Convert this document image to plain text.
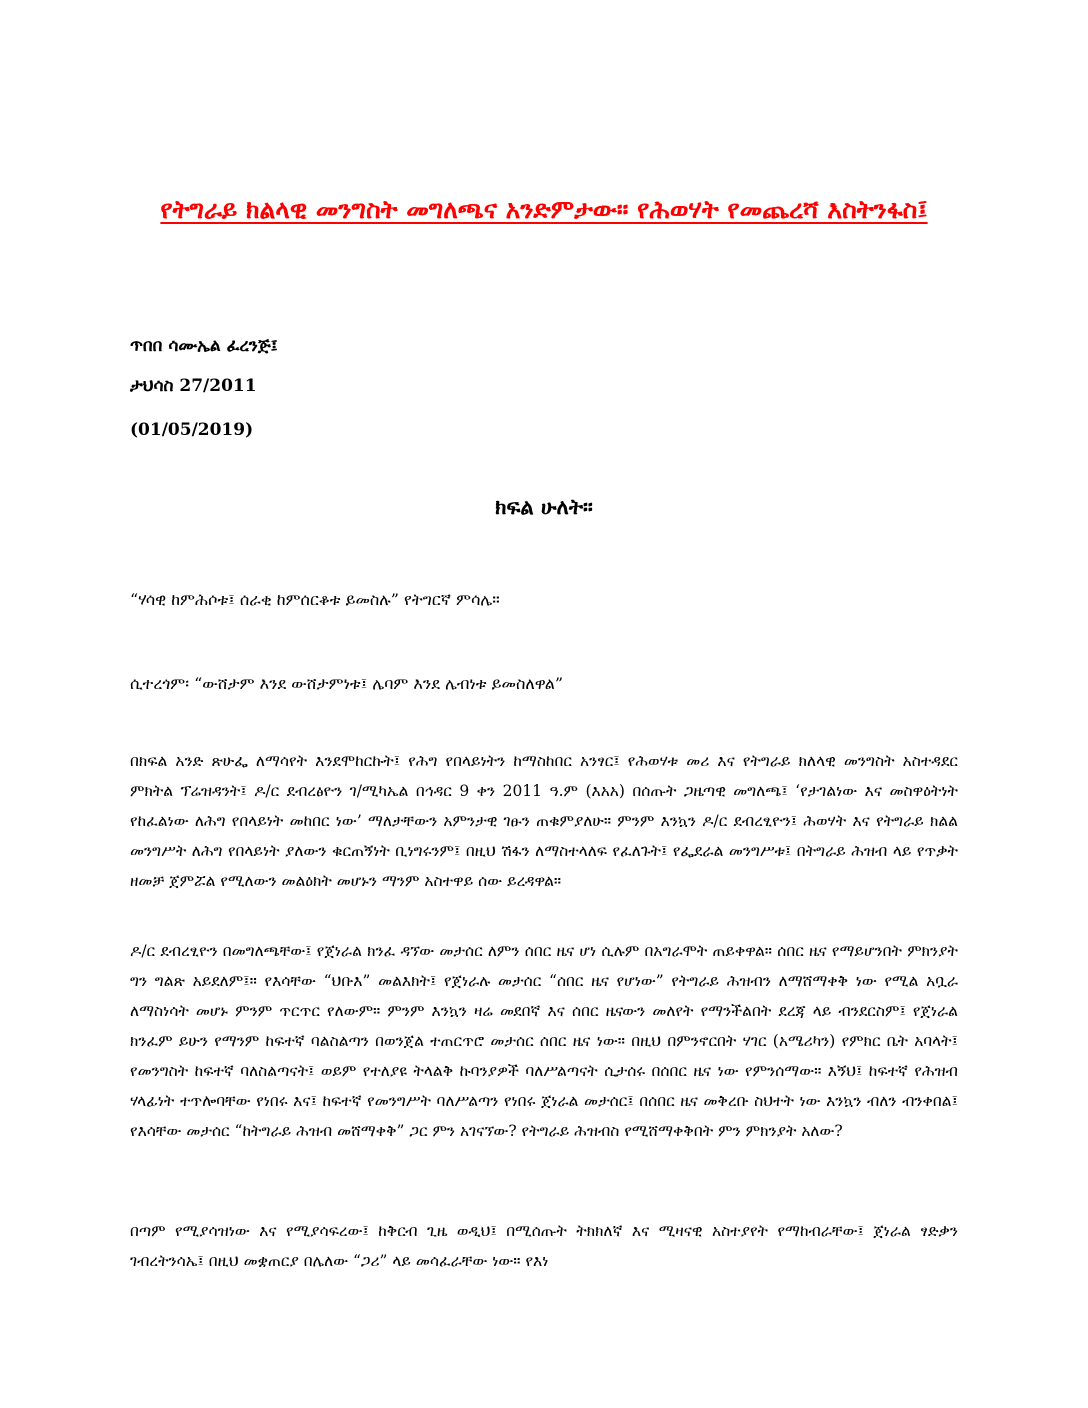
የትግራይ ክልላዊ መንግስት መግለጫና አንድምታው። የሕወሃት የመጨረሻ እስትንፋስ፤

ጥበበ ሳሙኤል ፈረንጅ፤

ታህሳስ 27/2011

(01/05/2019)

ክፍል ሁለት።

“ሃሳዊ ከምሕሶቱ፤ ሰራቂ ከምሰርቆቱ ይመስሉ” የትግርኛ ምሳሌ።

ሲተረጎም፡ “ውሸታም እንደ ውሸታምነቱ፤ ሌባም እንደ ሌብነቱ ይመስለዋል”

በክፍል አንድ ጽሁፌ ለማሳየት እንደሞከርኩት፤ የሕግ የበላይነትን ከማስከበር አንፃር፤ የሕወሃቱ መሪ እና የትግራይ ክለላዊ መንግስት አስተዳደር ምክትል ፕሬዝዳንት፤ ዶ/ር ደብረፅዮን ገ/ሚካኤል በኅዳር 9 ቀን 2011 ዓ.ም (እአአ) በሰጡት ጋዜጣዊ መግለጫ፤ ‘የታገልነው እና መስዋዕትነት የከፈልነው ለሕግ የበላይነት መከበር ነው’ ማለታቸውን አምንታዊ ገፁን ጠቁምያለሁ። ምንም እንኳን ዶ/ር ደብረፂዮን፤ ሕወሃት እና የትግራይ ክልል መንግሥት ለሕግ የበላይነት ያለውን ቁርጠኝነት ቢነግሩንም፤ በዚህ ሽፋን ለማስተላለፍ የፈለጉት፤ የፌደራል መንግሥቱ፤ በትግራይ ሕዝብ ላይ የጥቃት ዘመቻ ጀምሯል የሚለውን መልዕክት መሆኑን ማንም አስተዋይ ሰው ይረዳዋል።

ዶ/ር ደብረፂዮን በመግለጫቸው፤ የጀነራል ክንፈ ዳኘው መታሰር ለምን ሰበር ዜና ሆነ ሲሉም በአግራሞት ጠይቀዋል። ሰበር ዜና የማይሆንበት ምክንያት ግን ግልጽ አይደለም፤። የእሳቸው “ህቡእ” መልእክት፤ የጀነራሉ መታሰር “ሰበር ዜና የሆነው” የትግራይ ሕዝብን ለማሸማቀቅ ነው የሚል አቧራ ለማስነሳት መሆኑ ምንም ጥርጥር የለውም። ምንም እንኳን ዛሬ መደበኛ እና ሰበር ዜናውን መለየት የማንችልበት ደረጃ ላይ ብንደርስም፤ የጀነራል ክንፈም ይሁን የማንም ከፍተኛ ባልስልጣን በወንጀል ተጠርጥሮ መታሰር ሰበር ዜና ነው። በዚህ በምንኖርበት ሃገር (አሜሪካን) የምክር ቤት አባላት፤ የመንግስት ከፍተኛ ባለስልጣናት፤ ወይም የተለያዩ ትላልቅ ኩባንያዎች ባለሥልጣናት ሲታሰሩ በሰበር ዜና ነው የምንሰማው። እኝህ፤ ከፍተኛ የሕዝብ ሃላፊነት ተጥሎባቸው የነበሩ እና፤ ከፍተኛ የመንግሥት ባለሥልጣን የነበሩ ጀነራል መታሰር፤ በሰበር ዜና መቅረቡ ስህተት ነው እንኳን ብለን ብንቀበል፤ የእሳቸው መታሰር “ከትግራይ ሕዝብ መሸማቀቅ” ጋር ምን አገናኘው? የትግራይ ሕዝብስ የሚሸማቀቅበት ምን ምክንያት አለው?

በጣም የሚያሳዝነው እና የሚያሳፍረው፤ ከቅርብ ጊዜ ወዲህ፤ በሚሰጡት ትክክለኛ እና ሚዛናዊ አስተያየት የማከብራቸው፤ ጀነራል ፃድቃን ገብረትንሳኤ፤ በዚህ መቋጠርያ በሌለው “ጋሪ” ላይ መሳፈራቸው ነው። የእነ
